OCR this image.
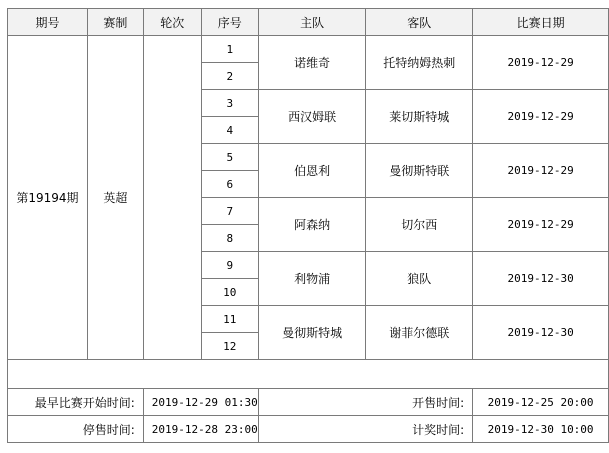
期号	赛制	轮次	序号	主队	客队	比赛日期
第19194期	英超		1	诺维奇	托特纳姆热刺	2019-12-29
			2			
			3	西汉姆联	莱切斯特城	2019-12-29
			4			
			5	伯恩利	曼彻斯特联	2019-12-29
			6			
			7	阿森纳	切尔西	2019-12-29
			8			
			9	利物浦	狼队	2019-12-30
			10			
			11	曼彻斯特城	谢菲尔德联	2019-12-30
			12			

最早比赛开始时间:		2019-12-29 01:30		开售时间:		2019-12-25 20:00
停售时间:		2019-12-28 23:00		计奖时间:		2019-12-30 10:00
